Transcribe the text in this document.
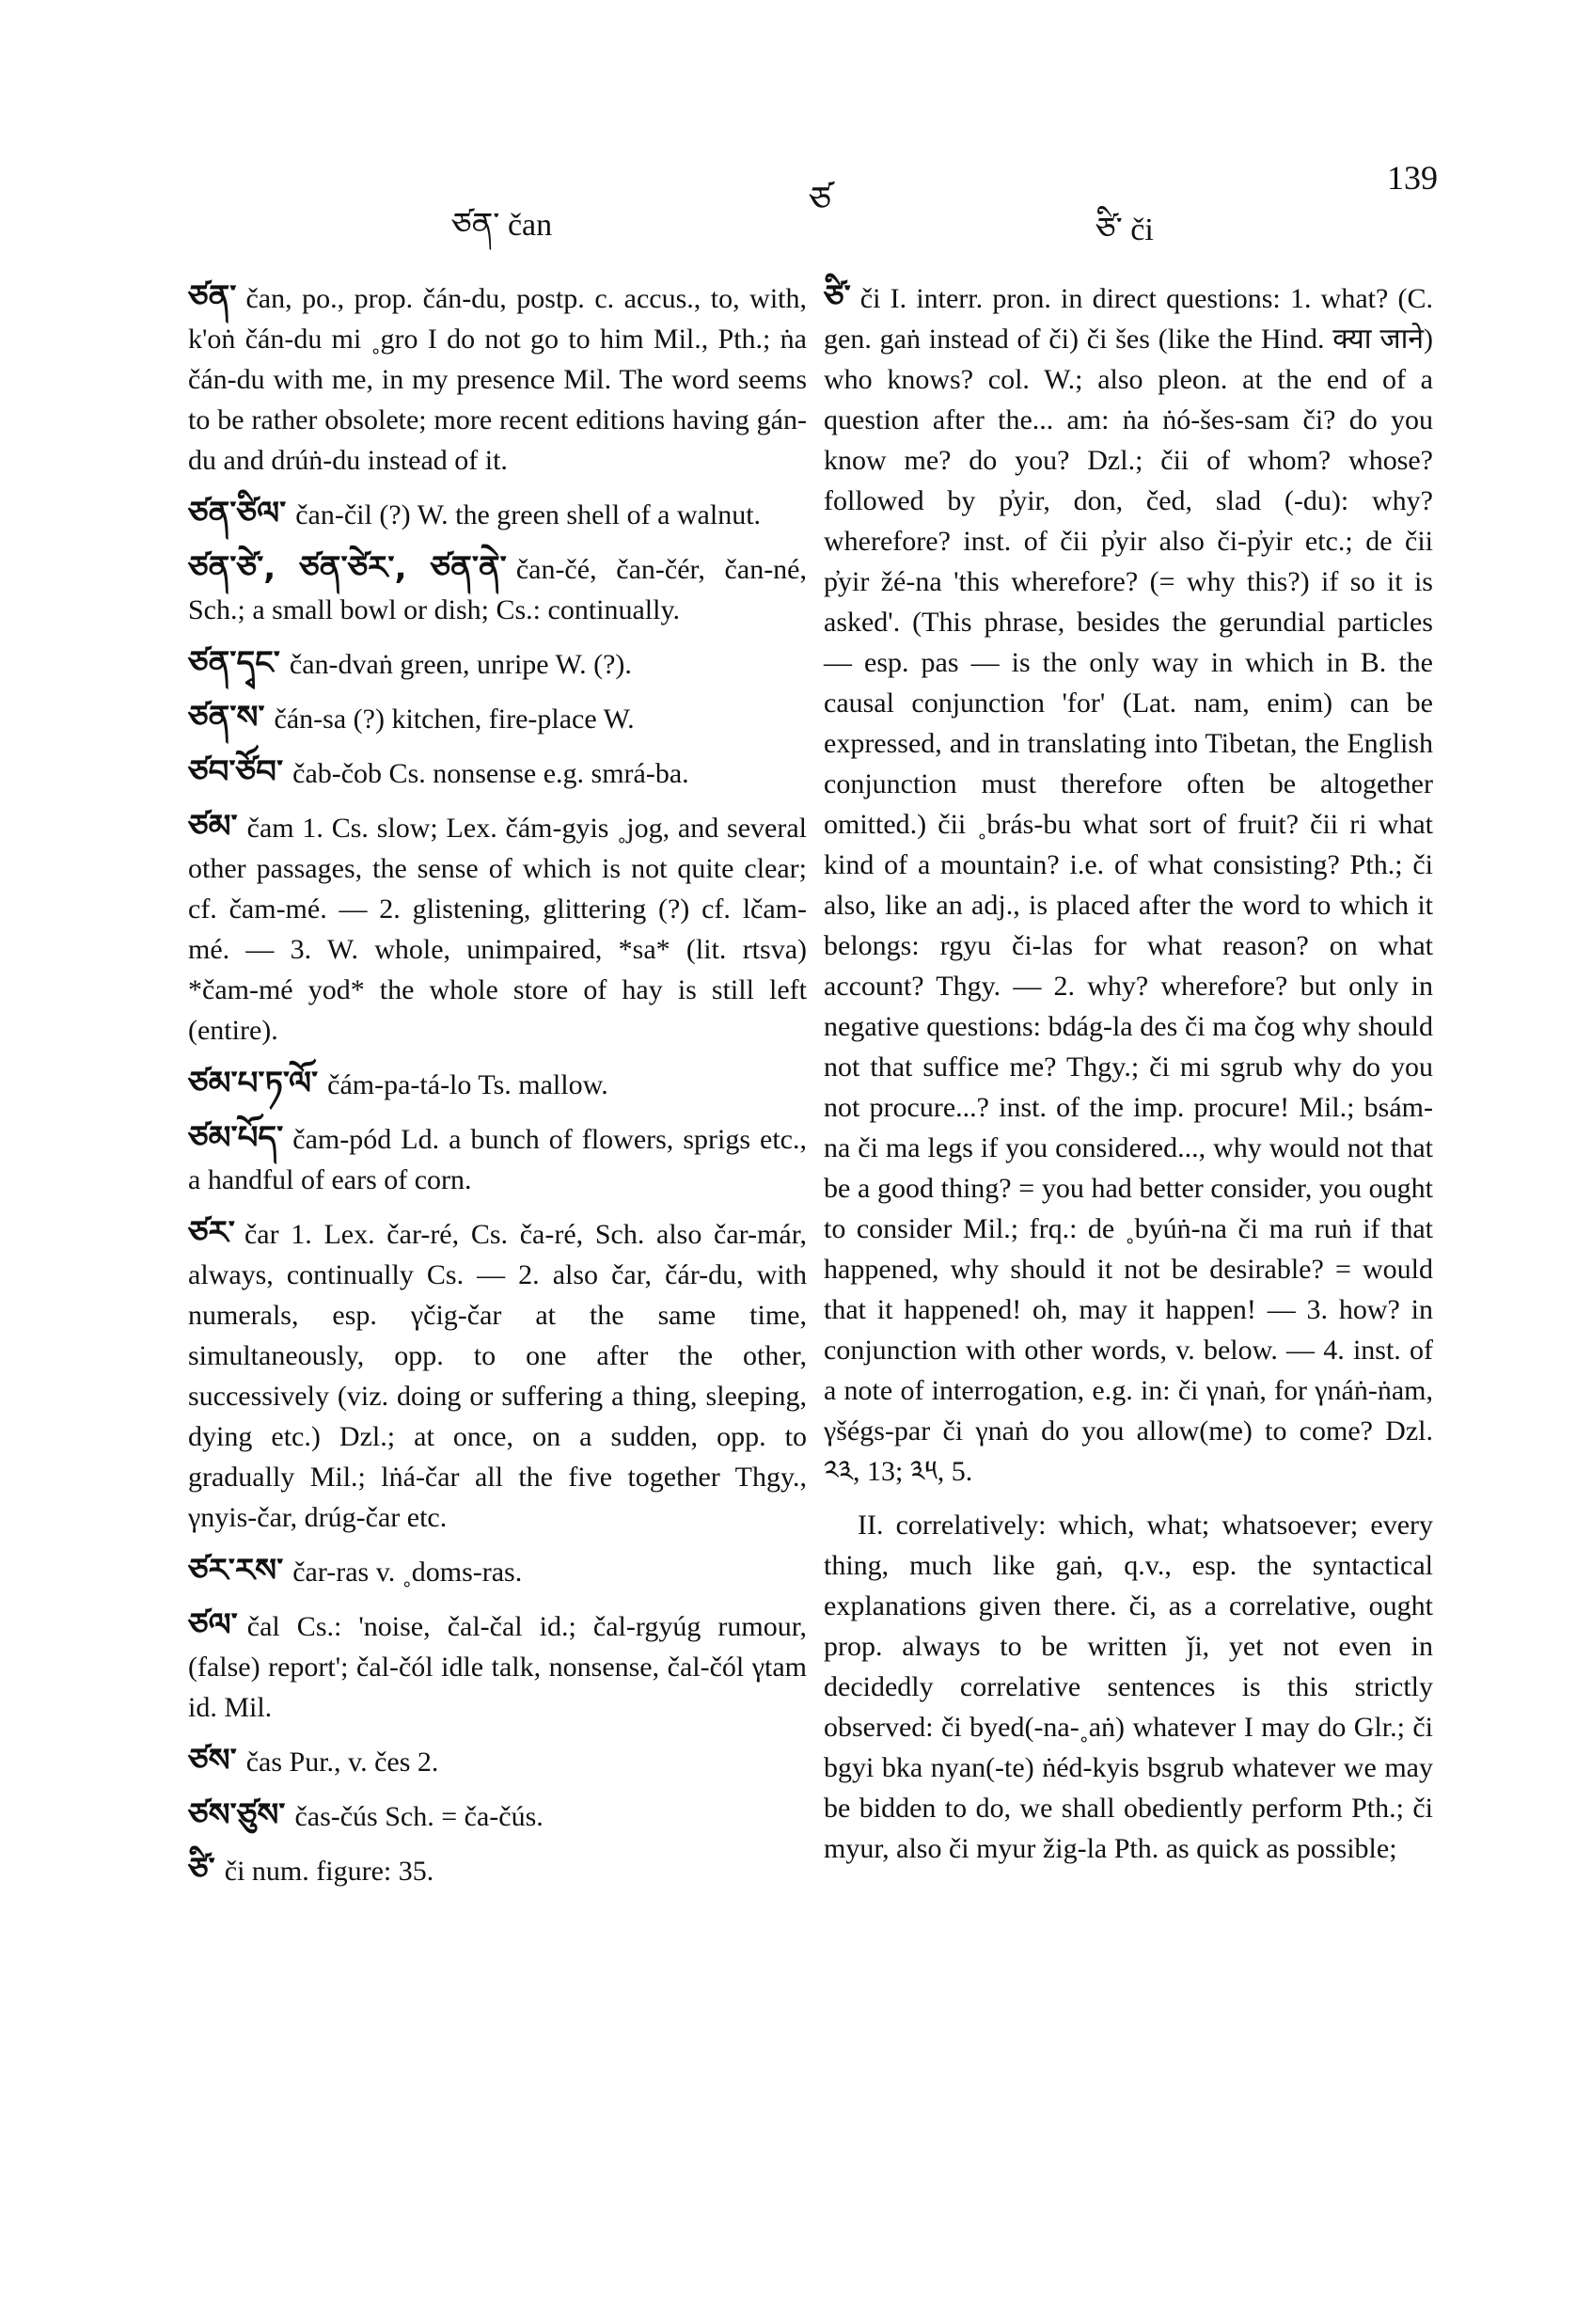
ཙན་ čan
ཙ
ཙི་ či
139
ཙན་ čan, po., prop. čán-du, postp. c. accus., to, with, k'oṅ čán-du mi ˳gro I do not go to him Mil., Pth.; ṅa čán-du with me, in my presence Mil. The word seems to be rather obsolete; more recent editions having gán-du and drúṅ-du instead of it.
ཙན་ཙིལ་ čan-čil (?) W. the green shell of a walnut.
ཙན་ཙེ་, ཙན་ཙེར་, ཙན་ནེ་ čan-čé, čan-čér, čan-né, Sch.; a small bowl or dish; Cs.: continually.
ཙན་དྭང་ čan-dvaṅ green, unripe W. (?).
ཙན་ས་ čán-sa (?) kitchen, fire-place W.
ཙབ་ཙོབ་ čab-čob Cs. nonsense e.g. smrá-ba.
ཙམ་ čam 1. Cs. slow; Lex. čám-gyis ˳jog, and several other passages, the sense of which is not quite clear; cf. čam-mé. — 2. glistening, glittering (?) cf. lčam-mé. — 3. W. whole, unimpaired, *sa* (lit. rtsva) *čam-mé yod* the whole store of hay is still left (entire).
ཙམ་པ་ཏ་ལོ་ čám-pa-tá-lo Ts. mallow.
ཙམ་པོད་ čam-pód Ld. a bunch of flowers, sprigs etc., a handful of ears of corn.
ཙར་ čar 1. Lex. čar-ré, Cs. ča-ré, Sch. also čar-már, always, continually Cs. — 2. also čar, čár-du, with numerals, esp. γčig-čar at the same time, simultaneously, opp. to one after the other, successively (viz. doing or suffering a thing, sleeping, dying etc.) Dzl.; at once, on a sudden, opp. to gradually Mil.; lṅá-čar all the five together Thgy., γnyis-čar, drúg-čar etc.
ཙར་རས་ čar-ras v. ˳doms-ras.
ཙལ་ čal Cs.: 'noise, čal-čal id.; čal-rgyúg rumour, (false) report'; čal-čól idle talk, nonsense, čal-čól γtam id. Mil.
ཙས་ čas Pur., v. čes 2.
ཙས་ཙུས་ čas-čús Sch. = ča-čús.
ཙི་ či num. figure: 35.
ཙི་ či I. interr. pron. in direct questions: 1. what? (C. gen. gaṅ instead of či) či šes (like the Hind. क्या जाने) who knows? col. W.; also pleon. at the end of a question after the... am: ṅa ṅó-šes-sam či? do you know me? do you? Dzl.; čii of whom? whose? followed by p̓yir, don, čed, slad (-du): why? wherefore? inst. of čii p̓yir also či-p̓yir etc.; de čii p̓yir žé-na 'this wherefore? (= why this?) if so it is asked'. (This phrase, besides the gerundial particles — esp. pas — is the only way in which in B. the causal conjunction 'for' (Lat. nam, enim) can be expressed, and in translating into Tibetan, the English conjunction must therefore often be altogether omitted.) čii ˳brás-bu what sort of fruit? čii ri what kind of a mountain? i.e. of what consisting? Pth.; či also, like an adj., is placed after the word to which it belongs: rgyu či-las for what reason? on what account? Thgy. — 2. why? wherefore? but only in negative questions: bdág-la des či ma čog why should not that suffice me? Thgy.; či mi sgrub why do you not procure...? inst. of the imp. procure! Mil.; bsám-na či ma legs if you considered..., why would not that be a good thing? = you had better consider, you ought to consider Mil.; frq.: de ˳byúṅ-na či ma ruṅ if that happened, why should it not be desirable? = would that it happened! oh, may it happen! — 3. how? in conjunction with other words, v. below. — 4. inst. of a note of interrogation, e.g. in: či γnaṅ, for γnáṅ-ṅam, γšégs-par či γnaṅ do you allow(me) to come? Dzl. ༢༣, 13; ༣༥, 5.
II. correlatively: which, what; whatsoever; every thing, much like gaṅ, q.v., esp. the syntactical explanations given there. či, as a correlative, ought prop. always to be written ǰi, yet not even in decidedly correlative sentences is this strictly observed: či byed(-na-˳aṅ) whatever I may do Glr.; či bgyi bka nyan(-te) ṅéd-kyis bsgrub whatever we may be bidden to do, we shall obediently perform Pth.; či myur, also či myur žig-la Pth. as quick as possible;
